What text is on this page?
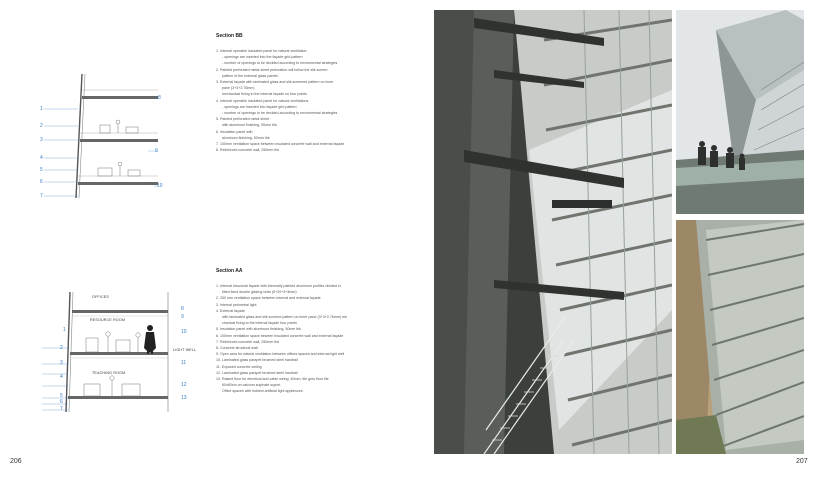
1
2
3
4
5
6
7
8
9
10
Section BB
1. Internal operable insulated panel for natural ventilation
- openings are inserted into the façade grid pattern
- number of openings to be decided according to enviromental strategies
2. Painted perforated metal sheet perforation will follow the silk screen
pattern of the external glass panels
3. External façade with laminated glass and silk screened pattern on inner
pane (3+3+2.76mm)
mechanical fixing to the internal façade on four points
4. Internal operable insulated panel for natural ventilations
- openings are inserted into façade grid pattern
- number of openings to be decided according to enviromental strategies
5. Painted perforated metal sheet
with aluminum finishing, 50mm thk
6. Insulation panel with
aluminum finishing, 50mm thk
7. 100mm ventilation space between insulated concrete wall and external façade
8. Reinforced concrete wall, 250mm thk
OFFICES
RESOURCE ROOM
TEACHING ROOM
LIGHT WELL
1
2
3
4
5
6
7
8
9
10
11
12
13
Section AA
1. Internal structural façade with thermally painted aluminum profiles divided in
tilted fixed double glazing units (6+20+4+4mm)
2. 250 mm ventilation space between internal and external façade
3. Internal perimetral light
4. External façade
with laminated glass and silk screend pattern on inner pane (3+3+2.76mm) me
chanical fixing to the internal façade four points
5. Insulation panel with aluminum finishing, 50mm thk
6. 100mm ventilation space beween insulated concrete wall and external façade
7. Reinforced concrete wall, 250mm thk
8. Concrete structural slab
9. Open area for natural ventilation between offices spaces and internal light well
10. Laminated glass parapet brushed steel handrail
11. Exposed concrete ceiling
12. Laminated glass parapet brushed steel handrail
13. Raised floor for electrical and cable wiring, 40mm. tile gres floor tile
60x60cm on calcium sulphate suport
Office spaces with indirect artificial light appliences
206	207
